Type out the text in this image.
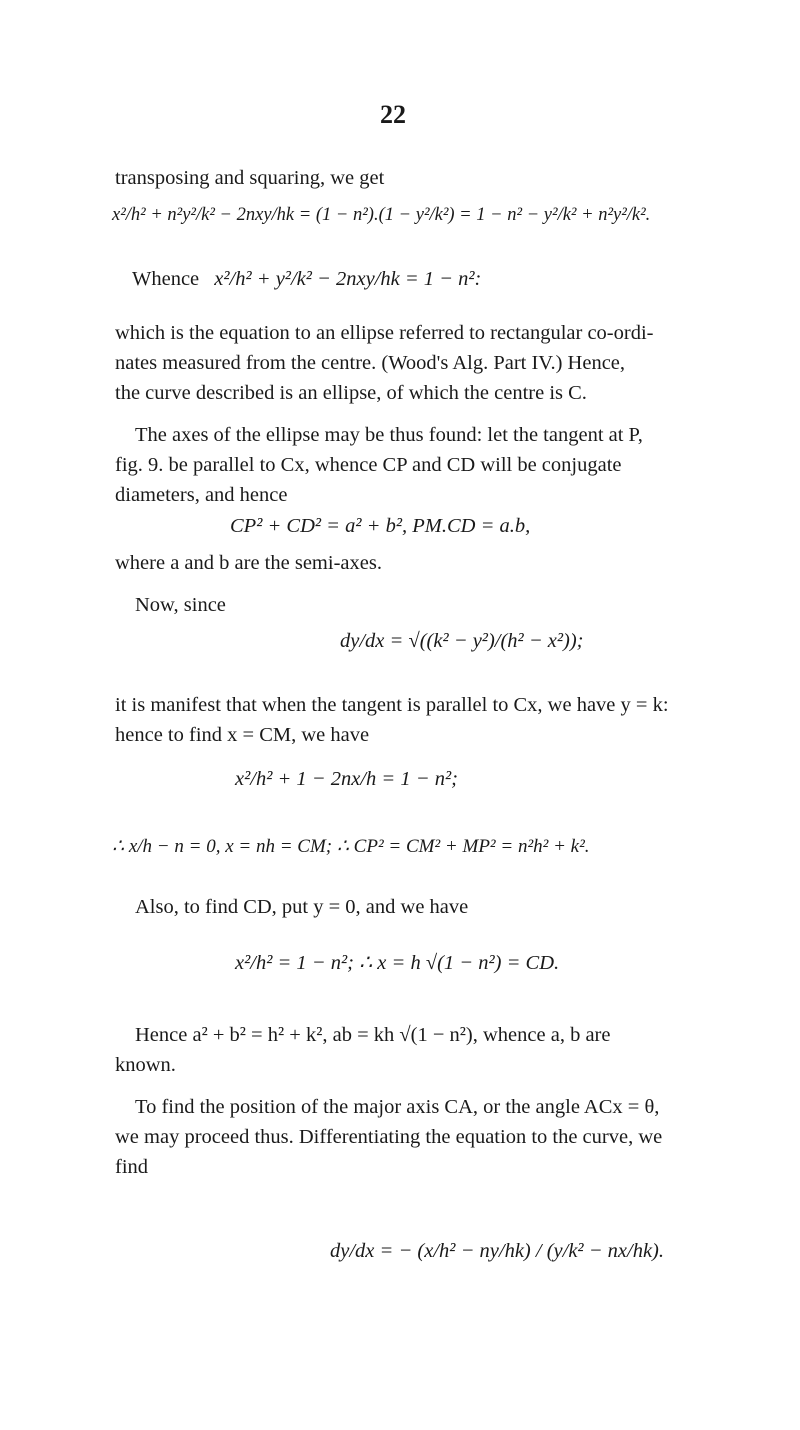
22
transposing and squaring, we get
x²/h² + n²y²/k² − 2nxy/hk = (1 − n²).(1 − y²/k²) = 1 − n² − y²/k² + n²y²/k².
Whence x²/h² + y²/k² − 2nxy/hk = 1 − n²:
which is the equation to an ellipse referred to rectangular co-ordi-
nates measured from the centre. (Wood's Alg. Part IV.) Hence,
the curve described is an ellipse, of which the centre is C.
The axes of the ellipse may be thus found: let the tangent at P,
fig. 9. be parallel to Cx, whence CP and CD will be conjugate
diameters, and hence
CP² + CD² = a² + b², PM.CD = a.b,
where a and b are the semi-axes.
Now, since
dy/dx = √((k² − y²)/(h² − x²));
it is manifest that when the tangent is parallel to Cx, we have y = k:
hence to find x = CM, we have
x²/h² + 1 − 2nx/h = 1 − n²;
∴ x/h − n = 0, x = nh = CM; ∴ CP² = CM² + MP² = n²h² + k².
Also, to find CD, put y = 0, and we have
x²/h² = 1 − n²; ∴ x = h √(1 − n²) = CD.
Hence a² + b² = h² + k², ab = kh √(1 − n²), whence a, b are
known.
To find the position of the major axis CA, or the angle ACx = θ,
we may proceed thus. Differentiating the equation to the curve, we
find
dy/dx = − (x/h² − ny/hk) / (y/k² − nx/hk).
